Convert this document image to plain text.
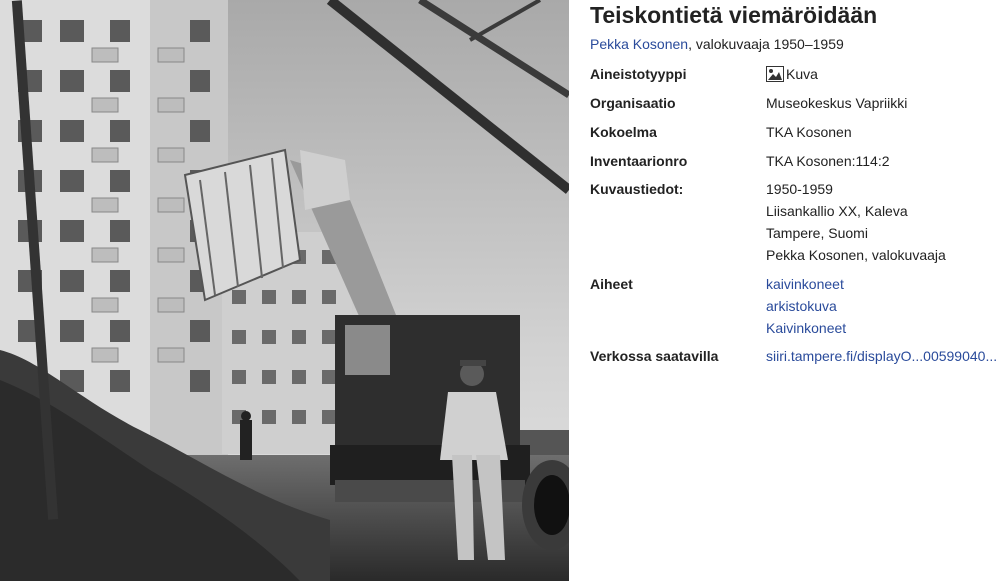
Teiskontietä viemäröidään
Pekka Kosonen, valokuvaaja 1950–1959
Aineistotyyppi	Kuva
Organisaatio	Museokeskus Vapriikki
Kokoelma	TKA Kosonen
Inventaarionro	TKA Kosonen:114:2
Kuvaustiedot:	1950-1959
Liisankallio XX, Kaleva
Tampere, Suomi
Pekka Kosonen, valokuvaaja
Aiheet	kaivinkoneet
arkistokuva
Kaivinkoneet
Verkossa saatavilla	siiri.tampere.fi/displayO...00599040...
